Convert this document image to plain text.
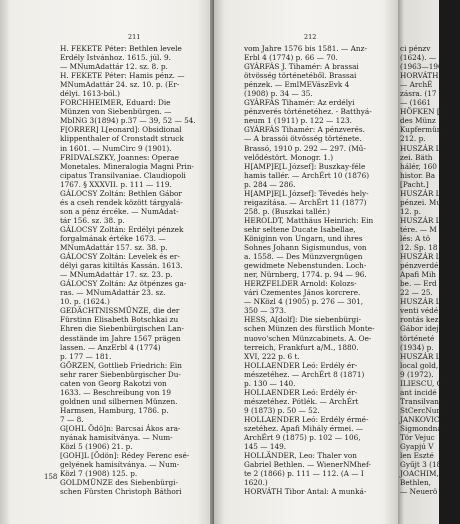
211
H. FEKETE Péter: Bethlen levele
Erdély Istvánhoz. 1615. júl. 9.
— MNumAdattár 12. sz. 8. p.
H. FEKETE Péter: Hamis pénz. —
MNumAdattár 24. sz. 10. p. (Er-
délyi. 1613-ból.)
FORCHHEIMER, Eduard: Die
Münzen von Siebenbürgen. —
MbING 3(1894) p.37 — 39, 52 — 54.
F[ORRER] L[eonard]: Obsidional
klippenthaler of Cronstadt struck
in 1601. — NumCirc 9 (1901).
FRIDVALSZKY, Joannes: Operae
Monetales. Mineralogia Magni Prin-
cipatus Transilvaniae. Claudiopoli
1767. § XXXVII. p. 111 — 119.
GÁLOCSY Zoltán: Bethlen Gábor
és a cseh rendek között tárgyalá-
son a pénz ércéke. — NumAdat-
tár 156. sz. 38. p.
GÁLOCSY Zoltán: Erdélyi pénzek
forgalmának értéke 1673. —
MNumAdattár 157. sz. 38. p.
GÁLOCSY Zoltán: Levelek és er-
délyi garas kitiltás Kassán. 1613.
— MNumAdattár 17. sz. 23. p.
GÁLOCSY Zoltán: Az ötpénzes ga-
ras. — MNumAdattár 23. sz.
10. p. (1624.)
GEDÄCHTNISSMÜNZE, die der
Fürstinn Elisabeth Botschkai zu
Ehren die Siebenbürgischen Lan-
desstände im Jahre 1567 prägen
lassen. — AnzErbl 4 (1774)
p. 177 — 181.
GÖRZEN, Gottlieb Friedrich: Ein
sehr rarer Siebenbürgischer Du-
caten von Georg Rakotzi von
1633. — Beschreibung von 19
goldnen und silbernen Münzen.
Harmsen, Hamburg, 1786. p.
7 — 8.
G[OHL Ödö]n: Barcsai Ákos ara-
nyának hamisítványa. — Num-
Közl 5 (1906) 21. p.
[GOH]L [Ödön]: Rédey Ferenc esé-
gelyének hamisítványa. — Num-
Közl 7 (1908) 125. p.
GOLDMÜNZE des Siebenbürgi-
schen Fürsten Christoph Báthori
158
212
vom Jahre 1576 bis 1581. — Anz-
Erbl 4 (1774) p. 66 — 70.
GYÁRFÁS J. Tihamér: A brassai
ötvösség történetéből. Brassai
pénzek. — EmlMEVászEvk 4
(1908) p. 34 — 35.
GYÁRFÁS Tihamér: Az erdélyi
pénzverés történetéhez. - Batthyá-
neum 1 (1911) p. 122 — 123.
GYÁRFÁS Tihamér: A pénzverés.
— A brassói ötvösség története.
Brassó, 1910 p. 292 — 297. (Mű-
velődéstört. Monogr. 1.)
H[AMP]E[L József]: Buszkay-féle
hamis tallér. — ArchÉrt 10 (1876)
p. 284 — 286.
H[AMP]E[L József]: Tévedés hely-
reigazítása. — ArchÉrt 11 (1877)
258. p. (Buszkai tallér.)
HEROLDT, Matthäus Heinrich: Ein
sehr seltene Ducate Isabellae,
Königinn von Ungarn, und ihres
Sohnes Johann Sigismundus, von
a. 1558. — Des Münzvergnügen
gewidmete Nebenstunden. Loch-
ner, Nürnberg, 1774. p. 94 — 96.
HERZFELDER Arnold: Kolozs-
vári Czementes János korcrere.
— NKözl 4 (1905) p. 276 — 301,
350 — 373.
HESS, A[dolf]: Die siebenbürgi-
schen Münzen des fürstlich Monte-
nuovo'schen Münzcabinets. A. Oe-
terreich, Frankfurt a/M., 1880.
XVI, 222 p. 6 t.
HOLLAENDER Leó: Erdély ér-
mészetéhez. — ArchÉrt 8 (1871)
p. 130 — 140.
HOLLAENDER Leó: Erdély ér-
mészetéhez. Pótlék. — ArchÉrt
9 (1873) p. 50 — 52.
HOLLAENDER Leó: Erdély érmé-
szetéhez. Apafi Mihály érmei. —
ArchÉrt 9 (1875) p. 102 — 106,
145 — 149.
HOLLÄNDER, Leo: Thaler von
Gabriel Bethlen. — WienerNMhef-
te 2 (1866) p. 111 — 112. (A — I
1620.)
HORVÁTH Tibor Antal: A munká-
ci pénzv
(1624). —
(1963—196
HORVÁTH
— ArchÉ
zásra. (17
— (1661
HÖFKEN [R
des Münz
Kupfermün
212. p.
HUSZÁR L
zei. Bäth
hálér, 160
histor. Ba
[Pacht.]
HUSZÁR L
pénzei. Mu
12. p.
HUSZÁR L
tére. — M
lés: A tö
12. Sp. 18
HUSZÁR L
pénzverdé
Apafi Mih
be. — Erd
22 — 25.
HUSZÁR L
venti védé
rontás kez
Gábor idej
történeté
(1934) p.
HUSZÁR L
local gold,
9 (1972).
ILIESCU, O
ant incidé
Transilvani
StCercNum
JANKOVIC
Sigmondna
Tör Vejuc
Gyapjú V
len Eszté
Gyűjt 3 (18
JOACHIM,
Bethlen,
— Neuerö
